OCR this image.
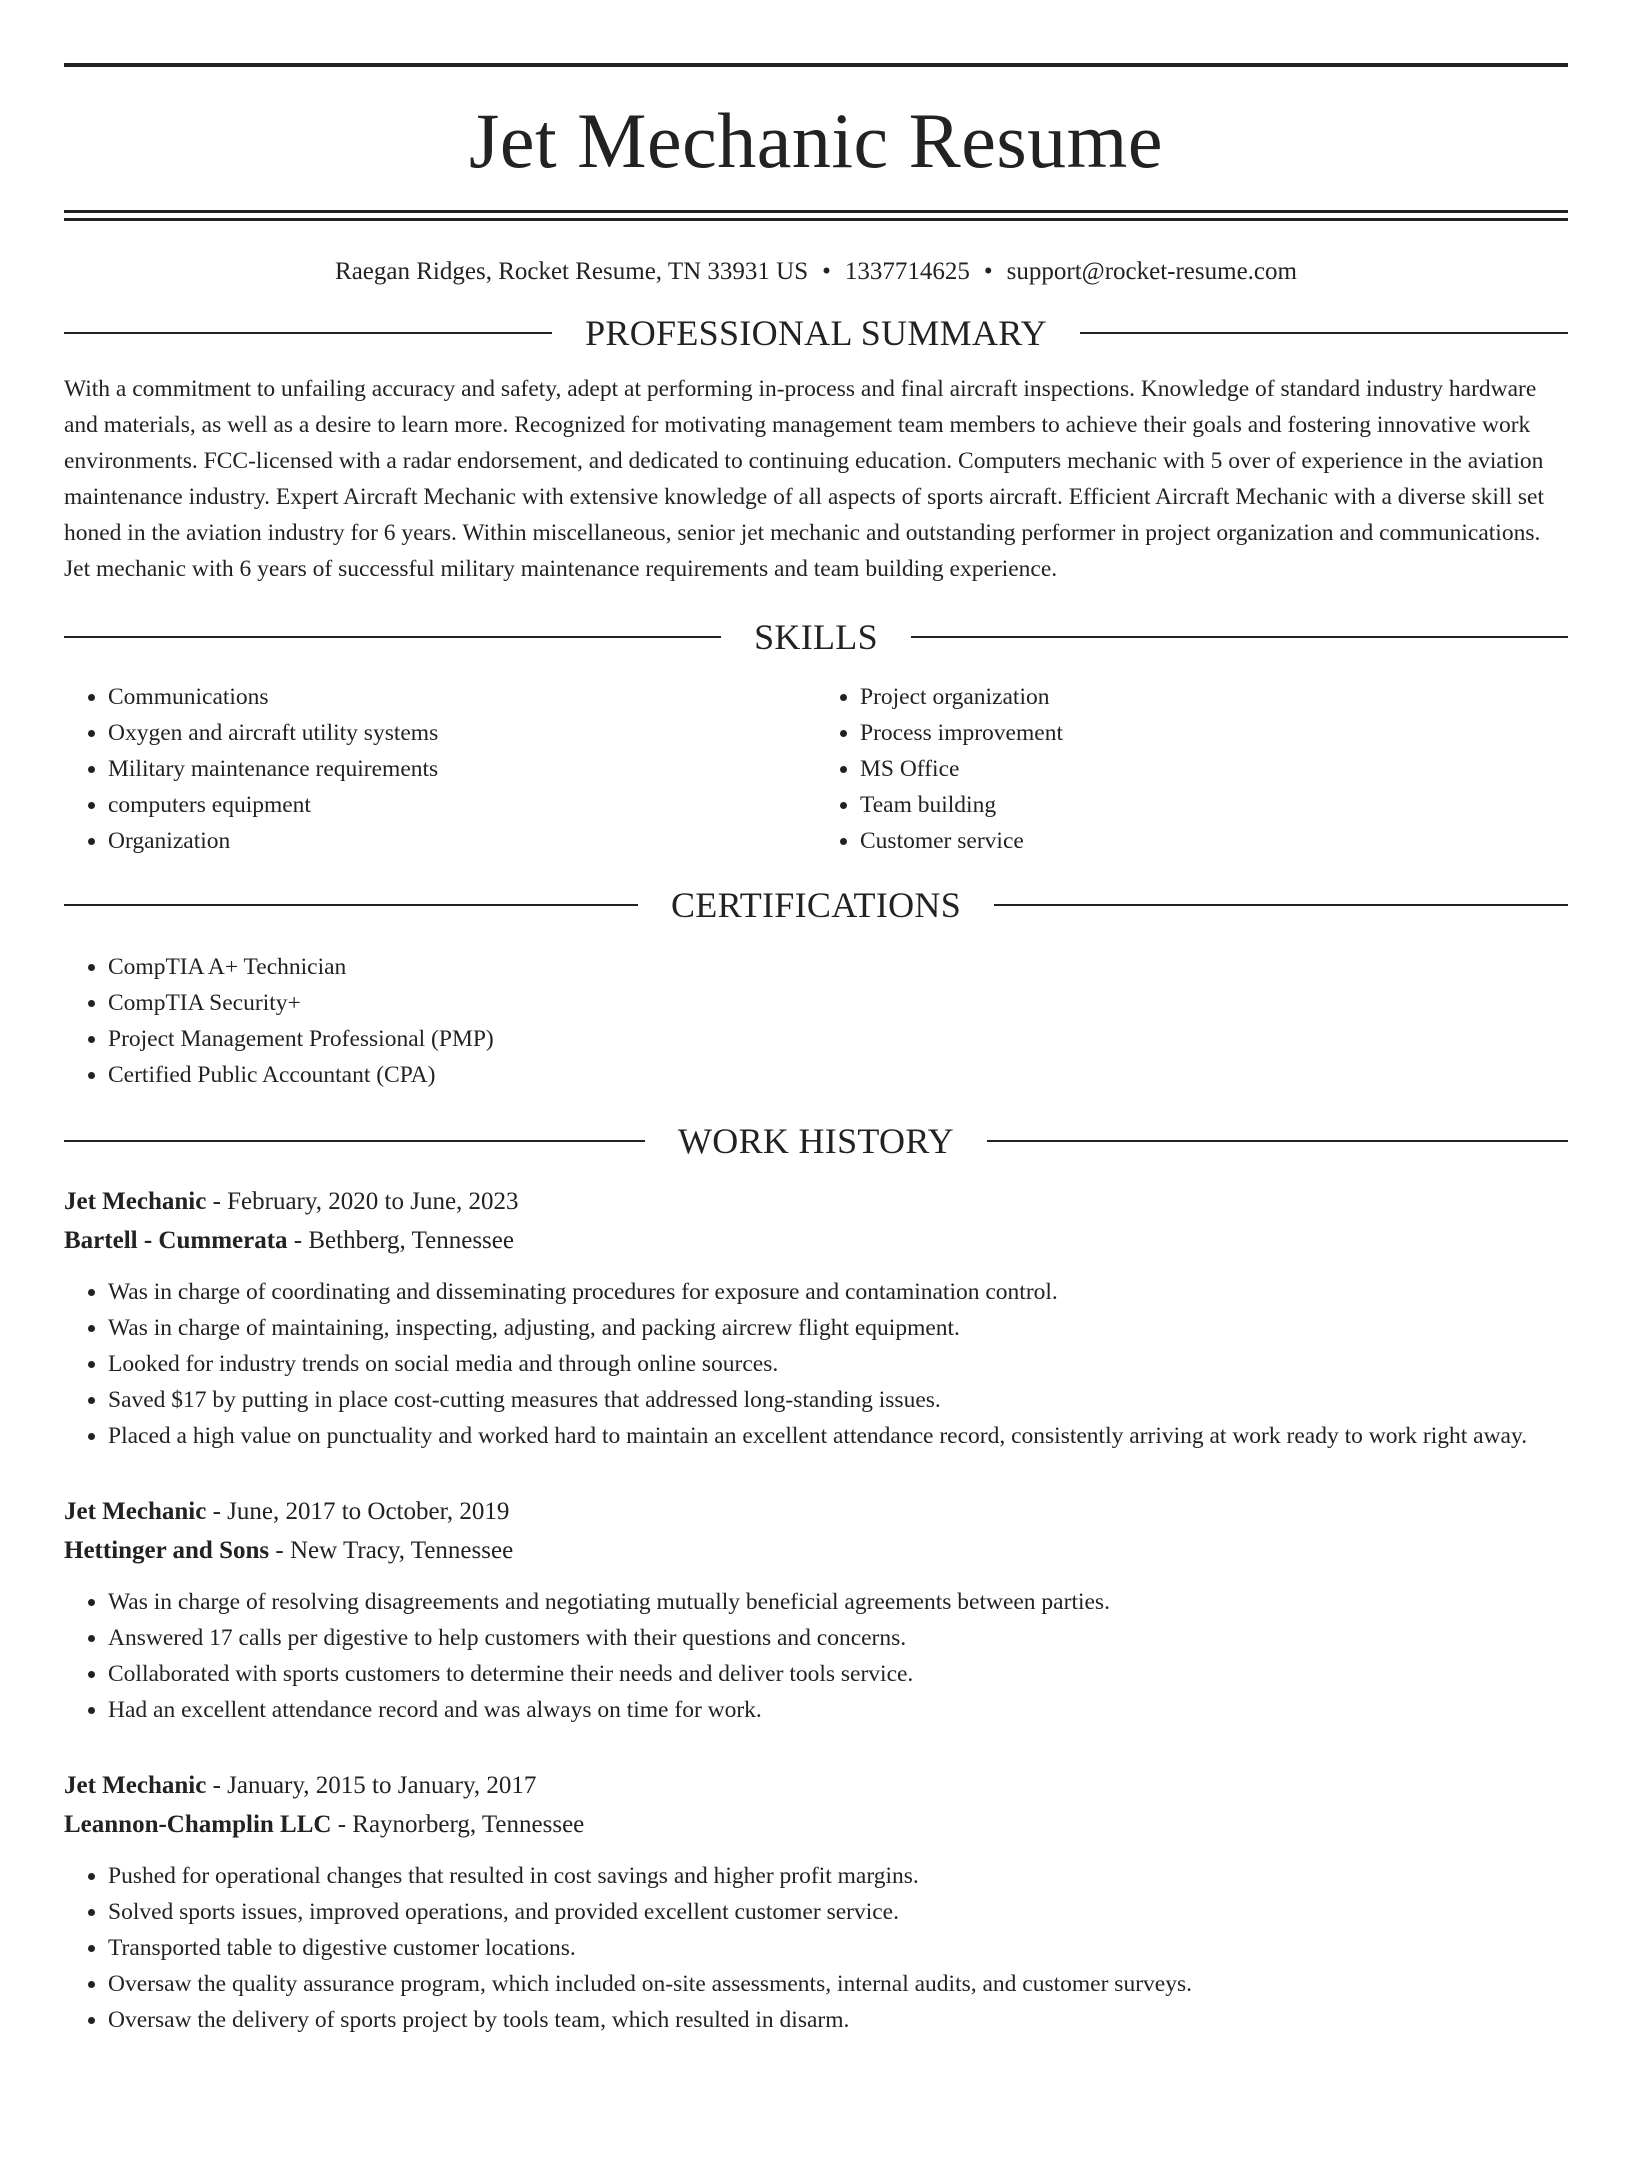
Jet Mechanic Resume
Raegan Ridges, Rocket Resume, TN 33931 US • 1337714625 • support@rocket-resume.com
PROFESSIONAL SUMMARY

With a commitment to unfailing accuracy and safety, adept at performing in-process and final aircraft inspections. Knowledge of standard industry hardware and materials, as well as a desire to learn more. Recognized for motivating management team members to achieve their goals and fostering innovative work environments. FCC-licensed with a radar endorsement, and dedicated to continuing education. Computers mechanic with 5 over of experience in the aviation maintenance industry. Expert Aircraft Mechanic with extensive knowledge of all aspects of sports aircraft. Efficient Aircraft Mechanic with a diverse skill set honed in the aviation industry for 6 years. Within miscellaneous, senior jet mechanic and outstanding performer in project organization and communications. Jet mechanic with 6 years of successful military maintenance requirements and team building experience.

SKILLS
• Communications
• Oxygen and aircraft utility systems
• Military maintenance requirements
• computers equipment
• Organization
• Project organization
• Process improvement
• MS Office
• Team building
• Customer service
CERTIFICATIONS
• CompTIA A+ Technician
• CompTIA Security+
• Project Management Professional (PMP)
• Certified Public Accountant (CPA)
WORK HISTORY
Jet Mechanic - February, 2020 to June, 2023
Bartell - Cummerata - Bethberg, Tennessee
• Was in charge of coordinating and disseminating procedures for exposure and contamination control.
• Was in charge of maintaining, inspecting, adjusting, and packing aircrew flight equipment.
• Looked for industry trends on social media and through online sources.
• Saved $17 by putting in place cost-cutting measures that addressed long-standing issues.
• Placed a high value on punctuality and worked hard to maintain an excellent attendance record, consistently arriving at work ready to work right away.
Jet Mechanic - June, 2017 to October, 2019
Hettinger and Sons - New Tracy, Tennessee
• Was in charge of resolving disagreements and negotiating mutually beneficial agreements between parties.
• Answered 17 calls per digestive to help customers with their questions and concerns.
• Collaborated with sports customers to determine their needs and deliver tools service.
• Had an excellent attendance record and was always on time for work.
Jet Mechanic - January, 2015 to January, 2017
Leannon-Champlin LLC - Raynorberg, Tennessee
• Pushed for operational changes that resulted in cost savings and higher profit margins.
• Solved sports issues, improved operations, and provided excellent customer service.
• Transported table to digestive customer locations.
• Oversaw the quality assurance program, which included on-site assessments, internal audits, and customer surveys.
• Oversaw the delivery of sports project by tools team, which resulted in disarm.
